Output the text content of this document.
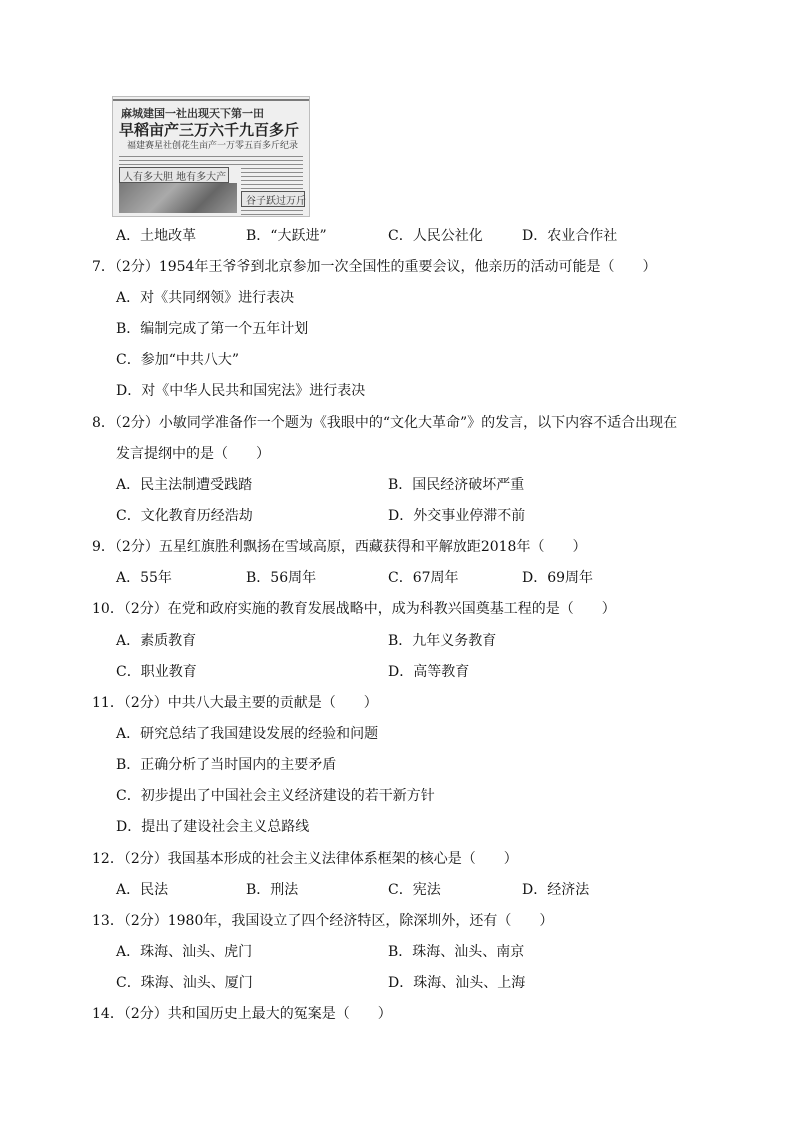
麻城建国一社出现天下第一田
早稻亩产三万六千九百多斤
福建赛星社创花生亩产一万零五百多斤纪录
人有多大胆 地有多大产
谷子跃过万斤
A．土地改革	B．“大跃进”	C．人民公社化	D．农业合作社
7．（2分）1954年王爷爷到北京参加一次全国性的重要会议，他亲历的活动可能是（　　）
A．对《共同纲领》进行表决
B．编制完成了第一个五年计划
C．参加“中共八大”
D．对《中华人民共和国宪法》进行表决
8．（2分）小敏同学准备作一个题为《我眼中的“文化大革命”》的发言，以下内容不适合出现在
发言提纲中的是（　　）
A．民主法制遭受践踏	B．国民经济破坏严重
C．文化教育历经浩劫	D．外交事业停滞不前
9．（2分）五星红旗胜利飘扬在雪域高原，西藏获得和平解放距2018年（　　）
A．55年	B．56周年	C．67周年	D．69周年
10．（2分）在党和政府实施的教育发展战略中，成为科教兴国奠基工程的是（　　）
A．素质教育	B．九年义务教育
C．职业教育	D．高等教育
11．（2分）中共八大最主要的贡献是（　　）
A．研究总结了我国建设发展的经验和问题
B．正确分析了当时国内的主要矛盾
C．初步提出了中国社会主义经济建设的若干新方针
D．提出了建设社会主义总路线
12．（2分）我国基本形成的社会主义法律体系框架的核心是（　　）
A．民法	B．刑法	C．宪法	D．经济法
13．（2分）1980年，我国设立了四个经济特区，除深圳外，还有（　　）
A．珠海、汕头、虎门	B．珠海、汕头、南京
C．珠海、汕头、厦门	D．珠海、汕头、上海
14．（2分）共和国历史上最大的冤案是（　　）
